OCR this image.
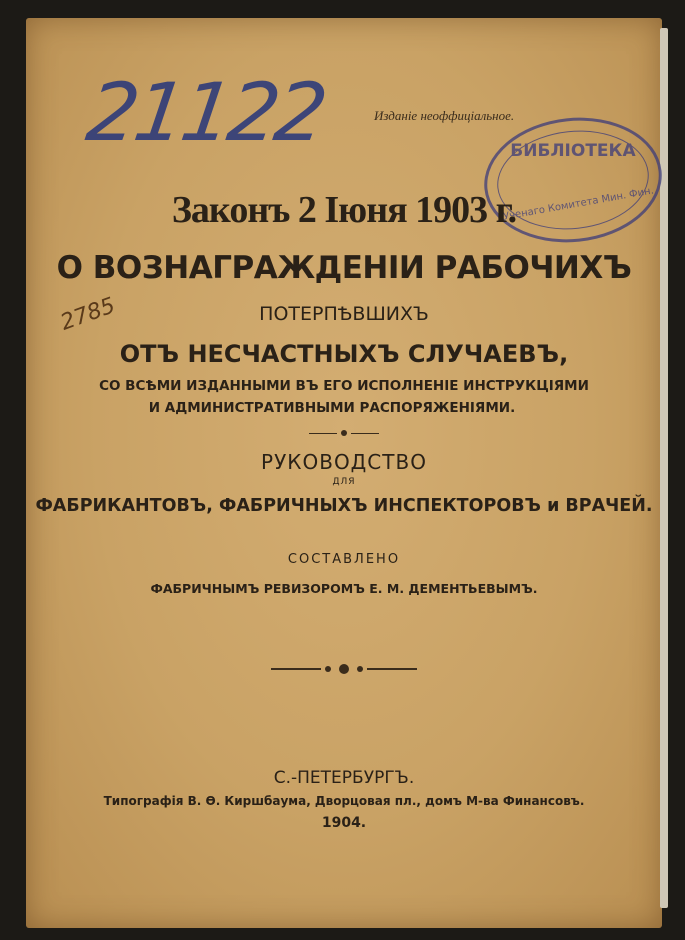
21122	Изданіе неоффиціальное.
БИБЛІОТЕКА
Ученаго Комитета Мин. Фин.
2785
Законъ 2 Іюня 1903 г.
О ВОЗНАГРАЖДЕНІИ РАБОЧИХЪ
ПОТЕРПѢВШИХЪ
ОТЪ НЕСЧАСТНЫХЪ СЛУЧАЕВЪ,
СО ВСѢМИ ИЗДАННЫМИ ВЪ ЕГО ИСПОЛНЕНІЕ ИНСТРУКЦІЯМИ
И АДМИНИСТРАТИВНЫМИ РАСПОРЯЖЕНІЯМИ.
РУКОВОДСТВО
ДЛЯ
ФАБРИКАНТОВЪ, ФАБРИЧНЫХЪ ИНСПЕКТОРОВЪ и ВРАЧЕЙ.
СОСТАВЛЕНО
ФАБРИЧНЫМЪ РЕВИЗОРОМЪ Е. М. ДЕМЕНТЬЕВЫМЪ.
С.-ПЕТЕРБУРГЪ.
Типографія В. Ѳ. Киршбаума, Дворцовая пл., домъ М-ва Финансовъ.
1904.
